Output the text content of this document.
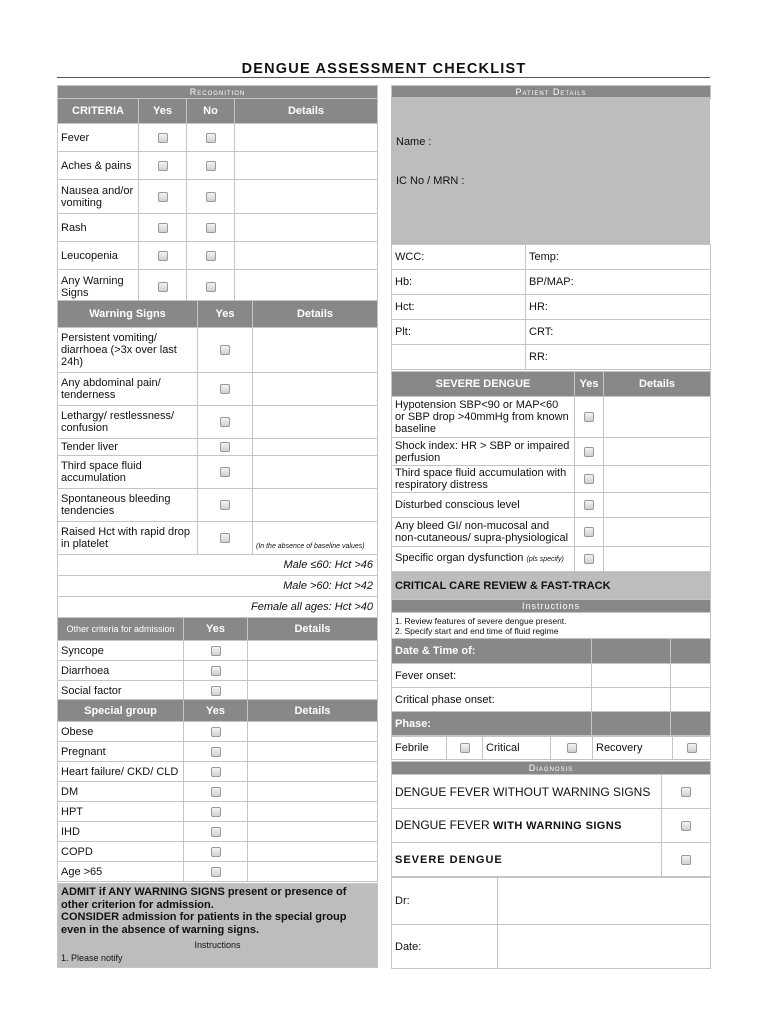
DENGUE ASSESSMENT CHECKLIST
Recognition			
CRITERIA	Yes	No	Details
Fever			
Aches & pains			
Nausea and/or vomiting			
Rash			
Leucopenia			
Any Warning Signs			
Warning Signs	Yes	Details
Persistent vomiting/ diarrhoea (>3x over last 24h)		
Any abdominal pain/ tenderness		
Lethargy/ restlessness/ confusion		
Tender liver		
Third space fluid accumulation		
Spontaneous bleeding tendencies		
Raised Hct with rapid drop in platelet		(In the absence of baseline values)
Male ≤60: Hct >46		
Male >60: Hct >42		
Female all ages: Hct >40		
Other criteria for admission	Yes	Details
Syncope		
Diarrhoea		
Social factor		
Special group	Yes	Details
Obese		
Pregnant		
Heart failure/ CKD/ CLD		
DM		
HPT		
IHD		
COPD		
Age >65		
ADMIT if ANY WARNING SIGNS present or presence of other criterion for admission.
CONSIDER admission for patients in the special group even in the absence of warning signs.
Instructions
1. Please notify
Patient Details
Name :
IC No / MRN :
WCC:	Temp:
Hb:	BP/MAP:
Hct:	HR:
Plt:	CRT:
	RR:
SEVERE DENGUE	Yes	Details
Hypotension SBP<90 or MAP<60 or SBP drop >40mmHg from known baseline		
Shock index: HR > SBP or impaired perfusion		
Third space fluid accumulation with respiratory distress		
Disturbed conscious level		
Any bleed GI/ non-mucosal and non-cutaneous/ supra-physiological		
Specific organ dysfunction (pls specify)		
CRITICAL CARE REVIEW & FAST-TRACK		
Instructions		

1. Review features of severe dengue present.
2. Specify start and end time of fluid regime		

Date & Time of:		
Fever onset:		
Critical phase onset:		
Phase:		
Febrile		Critical		Recovery	
Diagnosis	
DENGUE FEVER WITHOUT WARNING SIGNS	
DENGUE FEVER WITH WARNING SIGNS	
SEVERE DENGUE	
Dr:	
Date:	
